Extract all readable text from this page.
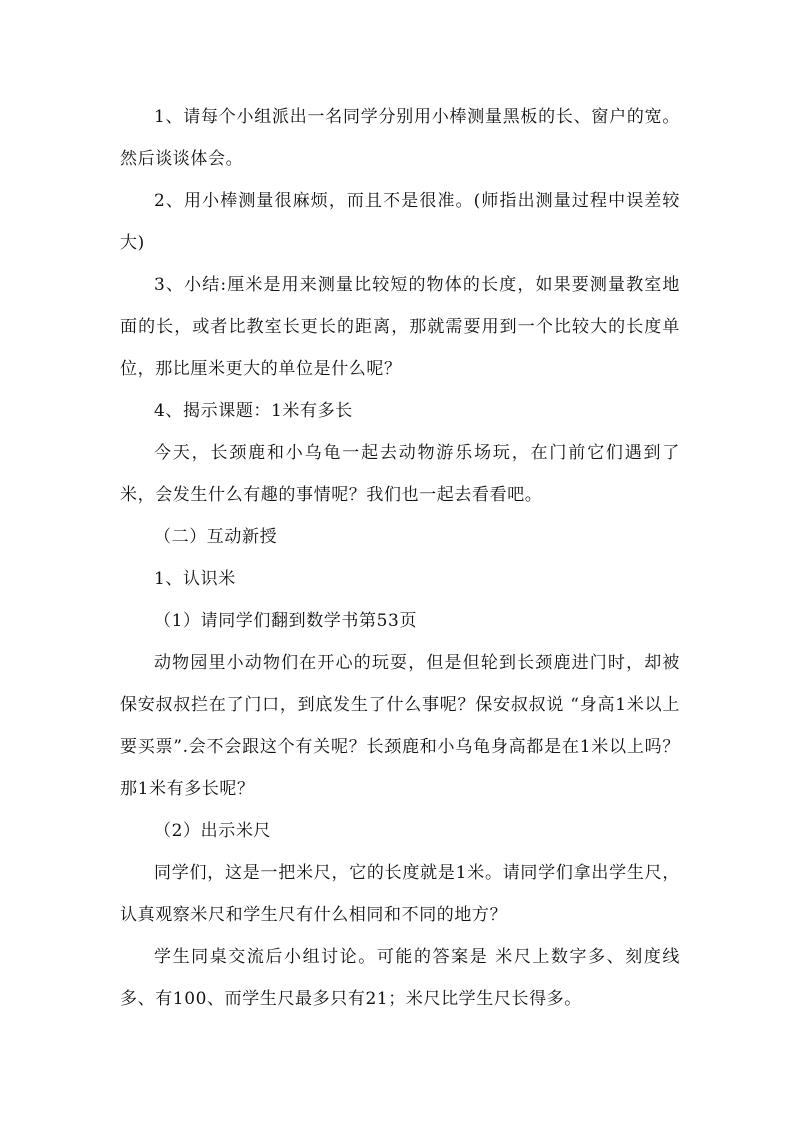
1、请每个小组派出一名同学分别用小棒测量黑板的长、窗户的宽。然后谈谈体会。

2、用小棒测量很麻烦，而且不是很准。(师指出测量过程中误差较大)

3、小结:厘米是用来测量比较短的物体的长度，如果要测量教室地面的长，或者比教室长更长的距离，那就需要用到一个比较大的长度单位，那比厘米更大的单位是什么呢？

4、揭示课题：1米有多长

今天，长颈鹿和小乌龟一起去动物游乐场玩，在门前它们遇到了米，会发生什么有趣的事情呢？我们也一起去看看吧。

（二）互动新授

1、认识米

（1）请同学们翻到数学书第53页

动物园里小动物们在开心的玩耍，但是但轮到长颈鹿进门时，却被保安叔叔拦在了门口，到底发生了什么事呢？保安叔叔说 “身高1米以上要买票”.会不会跟这个有关呢？长颈鹿和小乌龟身高都是在1米以上吗？那1米有多长呢？

（2）出示米尺

同学们，这是一把米尺，它的长度就是1米。请同学们拿出学生尺，认真观察米尺和学生尺有什么相同和不同的地方？

学生同桌交流后小组讨论。可能的答案是 米尺上数字多、刻度线多、有100、而学生尺最多只有21；米尺比学生尺长得多。
